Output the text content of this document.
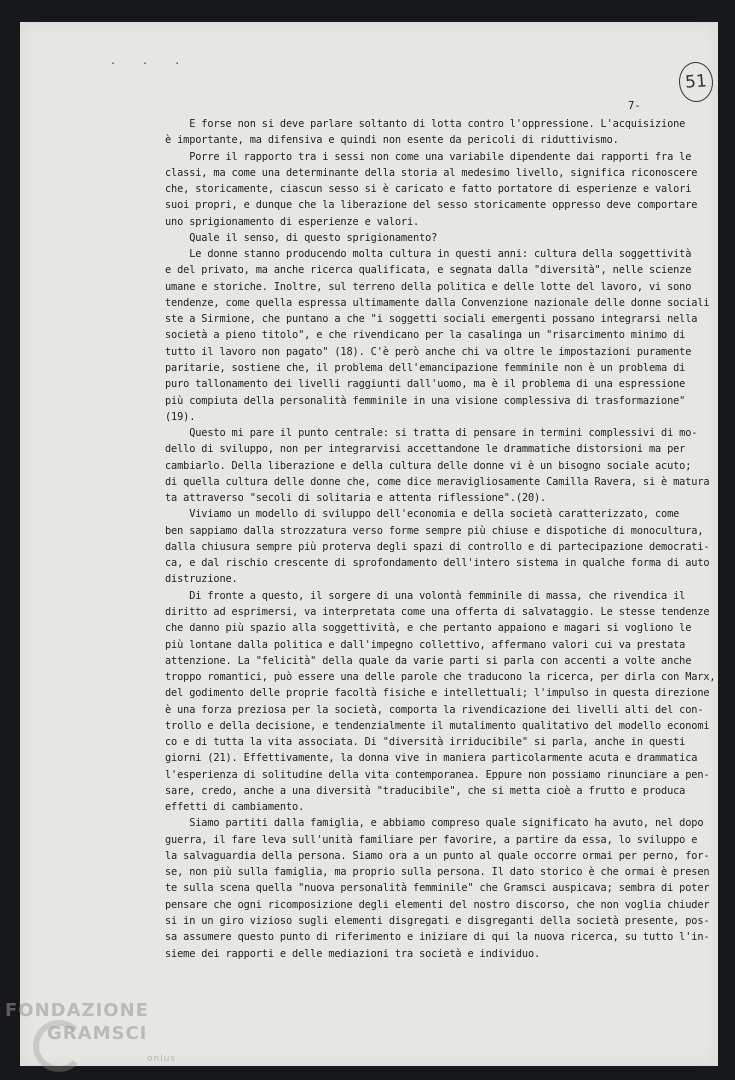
. . .
51
7-
E forse non si deve parlare soltanto di lotta contro l'oppressione. L'acquisizione
è importante, ma difensiva e quindi non esente da pericoli di riduttivismo.
Porre il rapporto tra i sessi non come una variabile dipendente dai rapporti fra le
classi, ma come una determinante della storia al medesimo livello, significa riconoscere
che, storicamente, ciascun sesso si è caricato e fatto portatore di esperienze e valori
suoi propri, e dunque che la liberazione del sesso storicamente oppresso deve comportare
uno sprigionamento di esperienze e valori.
Quale il senso, di questo sprigionamento?
Le donne stanno producendo molta cultura in questi anni: cultura della soggettività
e del privato, ma anche ricerca qualificata, e segnata dalla "diversità", nelle scienze
umane e storiche. Inoltre, sul terreno della politica e delle lotte del lavoro, vi sono
tendenze, come quella espressa ultimamente dalla Convenzione nazionale delle donne sociali
ste a Sirmione, che puntano a che "i soggetti sociali emergenti possano integrarsi nella
società a pieno titolo", e che rivendicano per la casalinga un "risarcimento minimo di
tutto il lavoro non pagato" (18). C'è però anche chi va oltre le impostazioni puramente
paritarie, sostiene che, il problema dell'emancipazione femminile non è un problema di
puro tallonamento dei livelli raggiunti dall'uomo, ma è il problema di una espressione
più compiuta della personalità femminile in una visione complessiva di trasformazione"
(19).
Questo mi pare il punto centrale: si tratta di pensare in termini complessivi di mo-
dello di sviluppo, non per integrarvisi accettandone le drammatiche distorsioni ma per
cambiarlo. Della liberazione e della cultura delle donne vi è un bisogno sociale acuto;
di quella cultura delle donne che, come dice meravigliosamente Camilla Ravera, si è matura
ta attraverso "secoli di solitaria e attenta riflessione".(20).
Viviamo un modello di sviluppo dell'economia e della società caratterizzato, come
ben sappiamo dalla strozzatura verso forme sempre più chiuse e dispotiche di monocultura,
dalla chiusura sempre più proterva degli spazi di controllo e di partecipazione democrati-
ca, e dal rischio crescente di sprofondamento dell'intero sistema in qualche forma di auto
distruzione.
Di fronte a questo, il sorgere di una volontà femminile di massa, che rivendica il
diritto ad esprimersi, va interpretata come una offerta di salvataggio. Le stesse tendenze
che danno più spazio alla soggettività, e che pertanto appaiono e magari si vogliono le
più lontane dalla politica e dall'impegno collettivo, affermano valori cui va prestata
attenzione. La "felicità" della quale da varie parti si parla con accenti a volte anche
troppo romantici, può essere una delle parole che traducono la ricerca, per dirla con Marx,
del godimento delle proprie facoltà fisiche e intellettuali; l'impulso in questa direzione
è una forza preziosa per la società, comporta la rivendicazione dei livelli alti del con-
trollo e della decisione, e tendenzialmente il mutalimento qualitativo del modello economi
co e di tutta la vita associata. Di "diversità irriducibile" si parla, anche in questi
giorni (21). Effettivamente, la donna vive in maniera particolarmente acuta e drammatica
l'esperienza di solitudine della vita contemporanea. Eppure non possiamo rinunciare a pen-
sare, credo, anche a una diversità "traducibile", che si metta cioè a frutto e produca
effetti di cambiamento.
Siamo partiti dalla famiglia, e abbiamo compreso quale significato ha avuto, nel dopo
guerra, il fare leva sull'unità familiare per favorire, a partire da essa, lo sviluppo e
la salvaguardia della persona. Siamo ora a un punto al quale occorre ormai per perno, for-
se, non più sulla famiglia, ma proprio sulla persona. Il dato storico è che ormai è presen
te sulla scena quella "nuova personalità femminile" che Gramsci auspicava; sembra di poter
pensare che ogni ricomposizione degli elementi del nostro discorso, che non voglia chiuder
si in un giro vizioso sugli elementi disgregati e disgreganti della società presente, pos-
sa assumere questo punto di riferimento e iniziare di qui la nuova ricerca, su tutto l'in-
sieme dei rapporti e delle mediazioni tra società e individuo.
FONDAZIONE
GRAMSCI
onlus
